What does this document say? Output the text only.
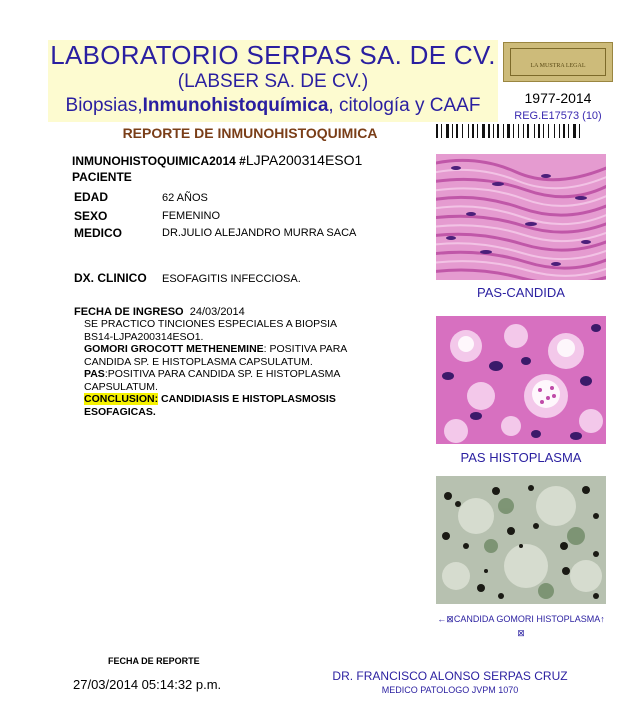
LABORATORIO SERPAS SA. DE CV.
(LABSER SA. DE CV.)
Biopsias,Inmunohistoquímica, citología y CAAF
LA MUSTRA LEGAL
1977-2014
REG.E17573 (10)
REPORTE DE INMUNOHISTOQUIMICA
INMUNOHISTOQUIMICA2014 #LJPA200314ESO1
PACIENTE
EDAD	62 AÑOS
SEXO	FEMENINO
MEDICO	DR.JULIO ALEJANDRO MURRA SACA
DX. CLINICO ESOFAGITIS INFECCIOSA.
FECHA DE INGRESO 24/03/2014
SE PRACTICO TINCIONES ESPECIALES A BIOPSIA
BS14-LJPA200314ESO1.
GOMORI GROCOTT METHENEMINE: POSITIVA PARA
CANDIDA SP. E HISTOPLASMA CAPSULATUM.
PAS:POSITIVA PARA CANDIDA SP. E HISTOPLASMA
CAPSULATUM.
CONCLUSION: CANDIDIASIS E HISTOPLASMOSIS ESOFAGICAS.
PAS-CANDIDA
PAS HISTOPLASMA
←⊠CANDIDA GOMORI HISTOPLASMA↑
⊠
FECHA DE REPORTE
27/03/2014 05:14:32 p.m.
DR. FRANCISCO ALONSO SERPAS CRUZ
MEDICO PATOLOGO JVPM 1070
